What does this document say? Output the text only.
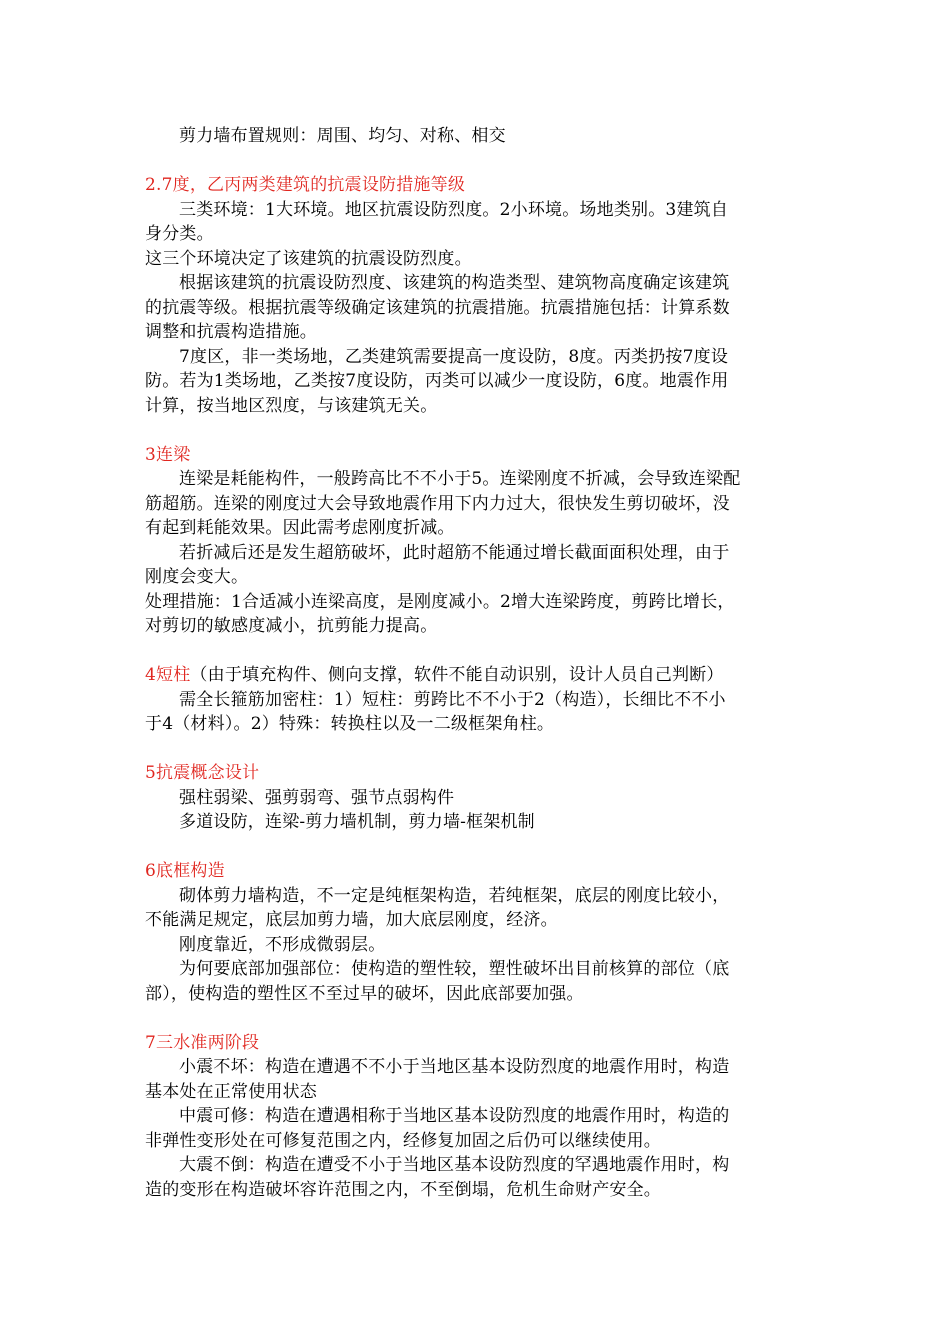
剪力墙布置规则：周围、均匀、对称、相交
2.7度，乙丙两类建筑的抗震设防措施等级
三类环境：1大环境。地区抗震设防烈度。2小环境。场地类别。3建筑自
身分类。
这三个环境决定了该建筑的抗震设防烈度。
根据该建筑的抗震设防烈度、该建筑的构造类型、建筑物高度确定该建筑
的抗震等级。根据抗震等级确定该建筑的抗震措施。抗震措施包括：计算系数
调整和抗震构造措施。
7度区，非一类场地，乙类建筑需要提高一度设防，8度。丙类扔按7度设
防。若为1类场地，乙类按7度设防，丙类可以减少一度设防，6度。地震作用
计算，按当地区烈度，与该建筑无关。
3连梁
连梁是耗能构件，一般跨高比不不小于5。连梁刚度不折减，会导致连梁配
筋超筋。连梁的刚度过大会导致地震作用下内力过大，很快发生剪切破坏，没
有起到耗能效果。因此需考虑刚度折减。
若折减后还是发生超筋破坏，此时超筋不能通过增长截面面积处理，由于
刚度会变大。
处理措施：1合适减小连梁高度，是刚度减小。2增大连梁跨度，剪跨比增长，
对剪切的敏感度减小，抗剪能力提高。
4短柱（由于填充构件、侧向支撑，软件不能自动识别，设计人员自己判断）
需全长箍筋加密柱：1）短柱：剪跨比不不小于2（构造），长细比不不小
于4（材料）。2）特殊：转换柱以及一二级框架角柱。
5抗震概念设计
强柱弱梁、强剪弱弯、强节点弱构件
多道设防，连梁-剪力墙机制，剪力墙-框架机制
6底框构造
砌体剪力墙构造，不一定是纯框架构造，若纯框架，底层的刚度比较小，
不能满足规定，底层加剪力墙，加大底层刚度，经济。
刚度靠近，不形成微弱层。
为何要底部加强部位：使构造的塑性较，塑性破坏出目前核算的部位（底
部），使构造的塑性区不至过早的破坏，因此底部要加强。
7三水准两阶段
小震不坏：构造在遭遇不不小于当地区基本设防烈度的地震作用时，构造
基本处在正常使用状态
中震可修：构造在遭遇相称于当地区基本设防烈度的地震作用时，构造的
非弹性变形处在可修复范围之内，经修复加固之后仍可以继续使用。
大震不倒：构造在遭受不小于当地区基本设防烈度的罕遇地震作用时，构
造的变形在构造破坏容许范围之内，不至倒塌，危机生命财产安全。
